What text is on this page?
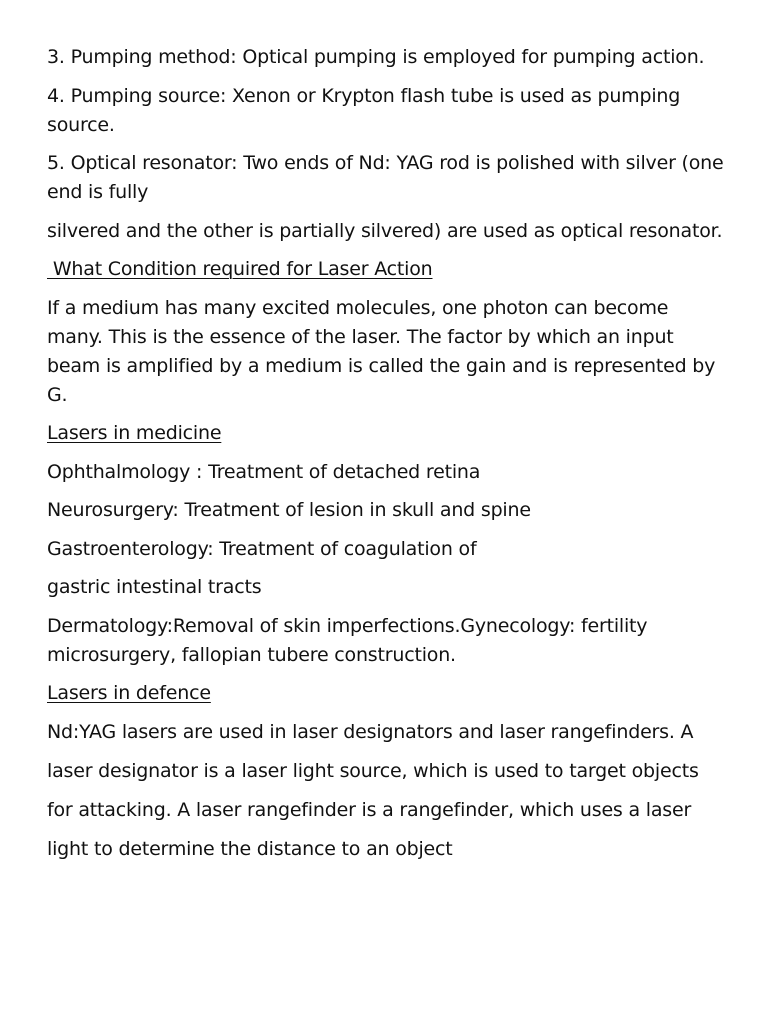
3. Pumping method: Optical pumping is employed for pumping action.

4. Pumping source: Xenon or Krypton flash tube is used as pumping source.

5. Optical resonator: Two ends of Nd: YAG rod is polished with silver (one end is fully

silvered and the other is partially silvered) are used as optical resonator.

What Condition required for Laser Action

If a medium has many excited molecules, one photon can become many. This is the essence of the laser. The factor by which an input beam is amplified by a medium is called the gain and is represented by G.

Lasers in medicine

Ophthalmology : Treatment of detached retina

Neurosurgery: Treatment of lesion in skull and spine

Gastroenterology: Treatment of coagulation of

gastric intestinal tracts

Dermatology:Removal of skin imperfections.Gynecology: fertility microsurgery, fallopian tubere construction.

Lasers in defence

Nd:YAG lasers are used in laser designators and laser rangefinders. A laser designator is a laser light source, which is used to target objects for attacking. A laser rangefinder is a rangefinder, which uses a laser light to determine the distance to an object
